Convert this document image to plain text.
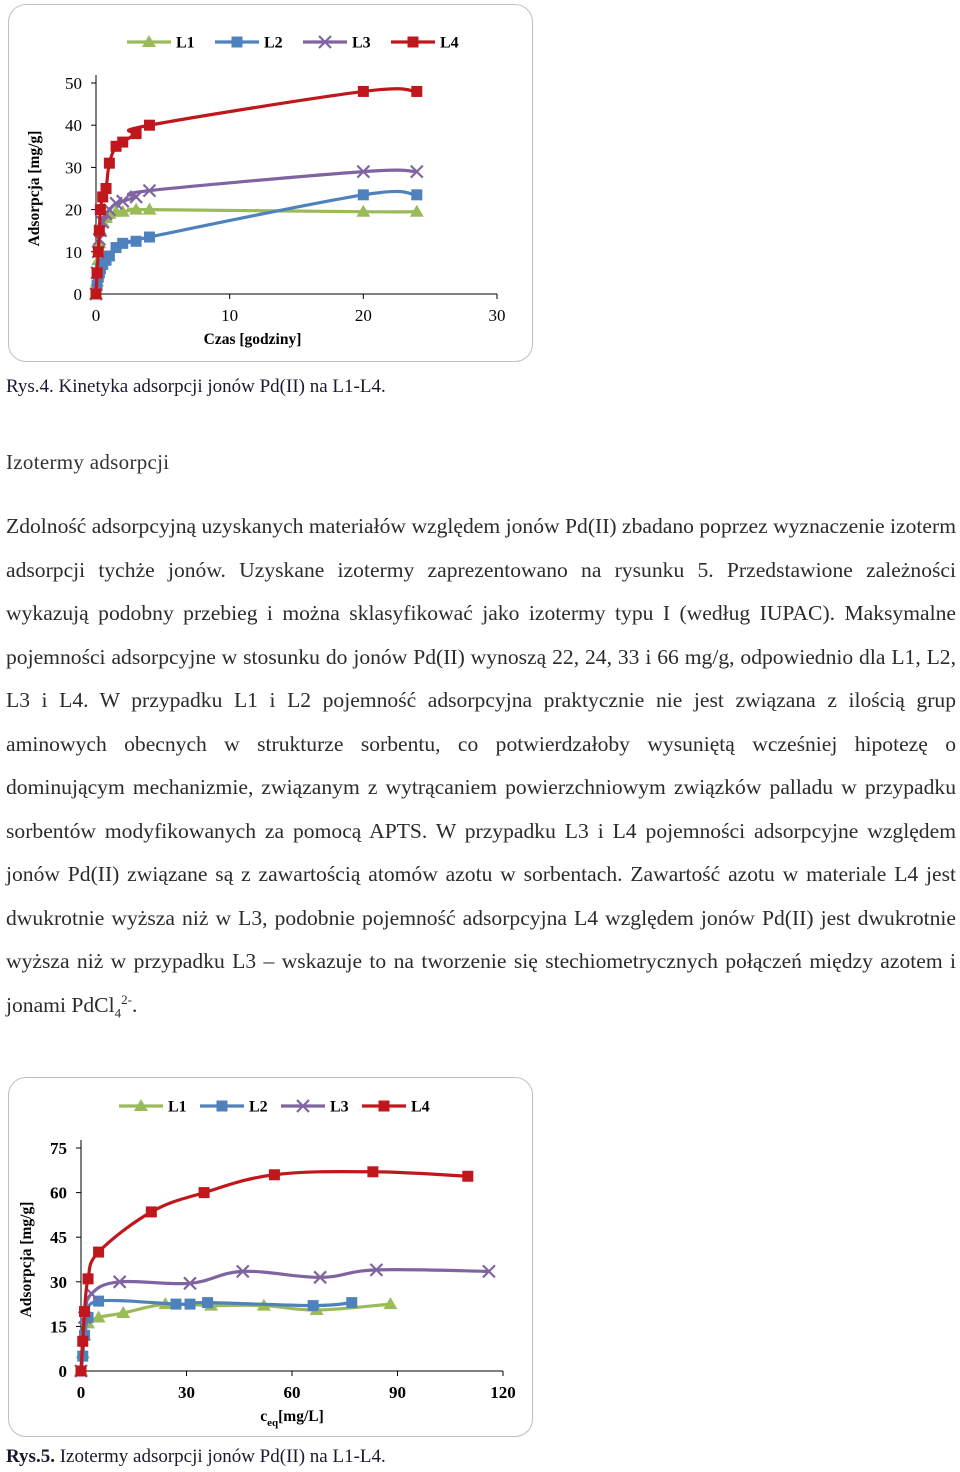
L1	L2	L3	L4
0
10
20
30
40
50
0	10	20	30
Adsorpcja [mg/g]
Czas [godziny]
Rys.4. Kinetyka adsorpcji jonów Pd(II) na L1-L4.
Izotermy adsorpcji
Zdolność adsorpcyjną uzyskanych materiałów względem jonów Pd(II) zbadano poprzez wyznaczenie izoterm adsorpcji tychże jonów. Uzyskane izotermy zaprezentowano na rysunku 5. Przedstawione zależności wykazują podobny przebieg i można sklasyfikować jako izotermy typu I (według IUPAC). Maksymalne pojemności adsorpcyjne w stosunku do jonów Pd(II) wynoszą 22, 24, 33 i 66 mg/g, odpowiednio dla L1, L2, L3 i L4. W przypadku L1 i L2 pojemność adsorpcyjna praktycznie nie jest związana z ilością grup aminowych obecnych w strukturze sorbentu, co potwierdzałoby wysuniętą wcześniej hipotezę o dominującym mechanizmie, związanym z wytrącaniem powierzchniowym związków palladu w przypadku sorbentów modyfikowanych za pomocą APTS. W przypadku L3 i L4 pojemności adsorpcyjne względem jonów Pd(II) związane są z zawartością atomów azotu w sorbentach. Zawartość azotu w materiale L4 jest dwukrotnie wyższa niż w L3, podobnie pojemność adsorpcyjna L4 względem jonów Pd(II) jest dwukrotnie wyższa niż w przypadku L3 – wskazuje to na tworzenie się stechiometrycznych połączeń między azotem i jonami PdCl$_4^{2-}$.
L1	L2	L3	L4
0
15
30
45
60
75
0	30	60	90	120
Adsorpcja [mg/g]
$c_{eq}[mg/L]$
Rys.5. Izotermy adsorpcji jonów Pd(II) na L1-L4.
